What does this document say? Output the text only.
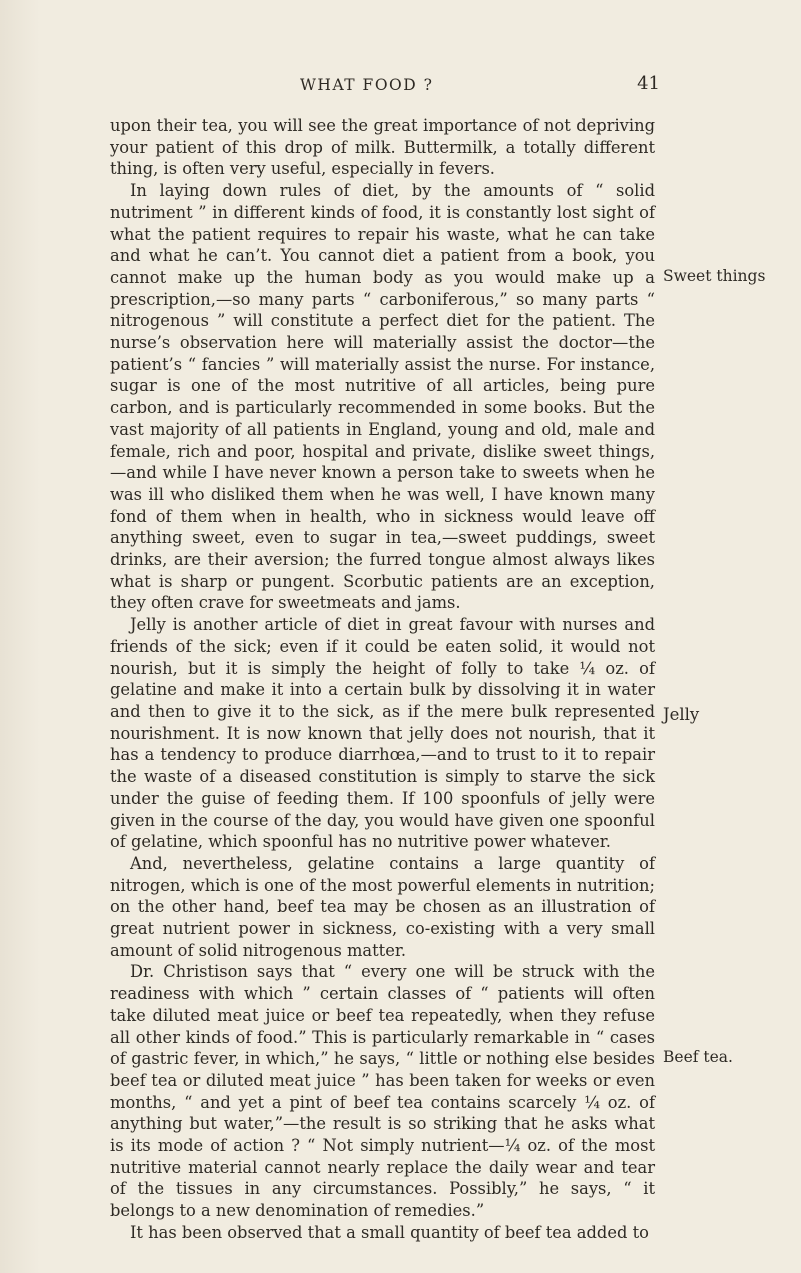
WHAT FOOD ?	41

upon their tea, you will see the great importance of not depriving your patient of this drop of milk. Buttermilk, a totally different thing, is often very useful, especially in fevers.

In laying down rules of diet, by the amounts of “ solid nutriment ” in different kinds of food, it is constantly lost sight of what the patient requires to repair his waste, what he can take and what he can’t. You cannot diet a patient from a book, you cannot make up the human body as you would make up a prescription,—so many parts “ carboniferous,” so many parts “ nitrogenous ” will constitute a perfect diet for the patient. The nurse’s observation here will materially assist the doctor—the patient’s “ fancies ” will materially assist the nurse. For instance, sugar is one of the most nutritive of all articles, being pure carbon, and is particularly recommended in some books. But the vast majority of all patients in England, young and old, male and female, rich and poor, hospital and private, dislike sweet things,—and while I have never known a person take to sweets when he was ill who disliked them when he was well, I have known many fond of them when in health, who in sickness would leave off anything sweet, even to sugar in tea,—sweet puddings, sweet drinks, are their aversion; the furred tongue almost always likes what is sharp or pungent. Scorbutic patients are an exception, they often crave for sweetmeats and jams.

Jelly is another article of diet in great favour with nurses and friends of the sick; even if it could be eaten solid, it would not nourish, but it is simply the height of folly to take ¼ oz. of gelatine and make it into a certain bulk by dissolving it in water and then to give it to the sick, as if the mere bulk represented nourishment. It is now known that jelly does not nourish, that it has a tendency to produce diarrhœa,—and to trust to it to repair the waste of a diseased constitution is simply to starve the sick under the guise of feeding them. If 100 spoonfuls of jelly were given in the course of the day, you would have given one spoonful of gelatine, which spoonful has no nutritive power whatever.

And, nevertheless, gelatine contains a large quantity of nitrogen, which is one of the most powerful elements in nutrition; on the other hand, beef tea may be chosen as an illustration of great nutrient power in sickness, co-existing with a very small amount of solid nitrogenous matter.

Dr. Christison says that “ every one will be struck with the readiness with which ” certain classes of “ patients will often take diluted meat juice or beef tea repeatedly, when they refuse all other kinds of food.” This is particularly remarkable in “ cases of gastric fever, in which,” he says, “ little or nothing else besides beef tea or diluted meat juice ” has been taken for weeks or even months, “ and yet a pint of beef tea contains scarcely ¼ oz. of anything but water,”—the result is so striking that he asks what is its mode of action ? “ Not simply nutrient—¼ oz. of the most nutritive material cannot nearly replace the daily wear and tear of the tissues in any circumstances. Possibly,” he says, “ it belongs to a new denomination of remedies.”

It has been observed that a small quantity of beef tea added to

Sweet things
Jelly
Beef tea.
